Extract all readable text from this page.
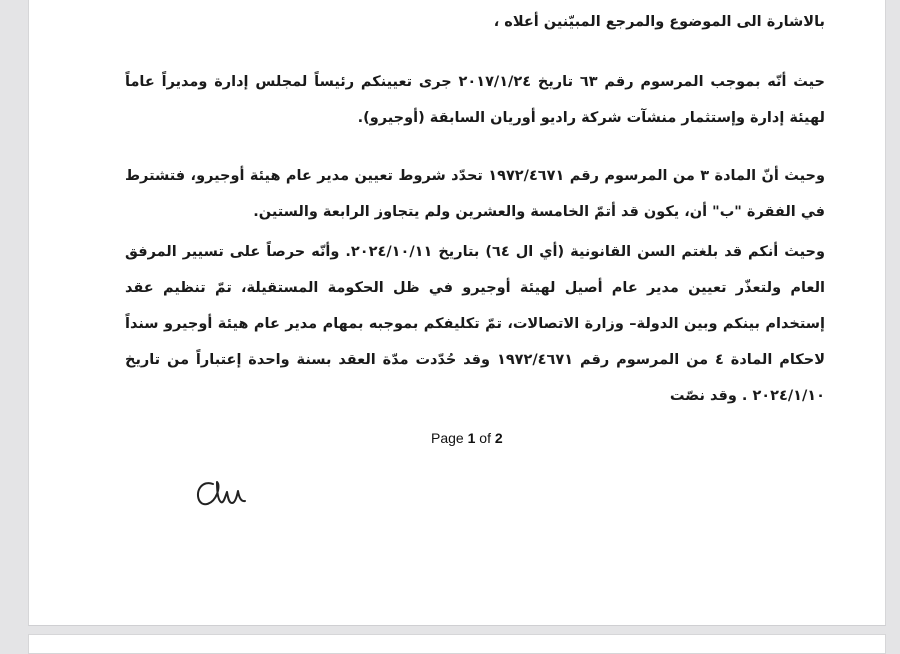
بالاشارة الى الموضوع والمرجع المبيّنين أعلاه ،

حيث أنّه بموجب المرسوم رقم ٦٣ تاريخ ٢٠١٧/١/٢٤ جرى تعيينكم رئيساً لمجلس إدارة ومديراً عاماً لهيئة إدارة وإستثمار منشآت شركة راديو أوريان السابقة (أوجيرو).

وحيث أنّ المادة ٣ من المرسوم رقم ١٩٧٢/٤٦٧١ تحدّد شروط تعيين مدير عام هيئة أوجيرو، فتشترط في الفقرة "ب" أن، يكون قد أتمّ الخامسة والعشرين ولم يتجاوز الرابعة والستين.

وحيث أنكم قد بلغتم السن القانونية (أي ال ٦٤) بتاريخ ٢٠٢٤/١٠/١١. وأنّه حرصاً على تسيير المرفق العام ولتعذّر تعيين مدير عام أصيل لهيئة أوجيرو في ظل الحكومة المستقيلة، تمّ تنظيم عقد إستخدام بينكم وبين الدولة– وزارة الاتصالات، تمّ تكليفكم بموجبه بمهام مدير عام هيئة أوجيرو سنداً لاحكام المادة ٤ من المرسوم رقم ١٩٧٢/٤٦٧١ وقد حُدّدت مدّة العقد بسنة واحدة إعتباراً من تاريخ ٢٠٢٤/١/١٠ . وقد نصّت

Page 1 of 2
